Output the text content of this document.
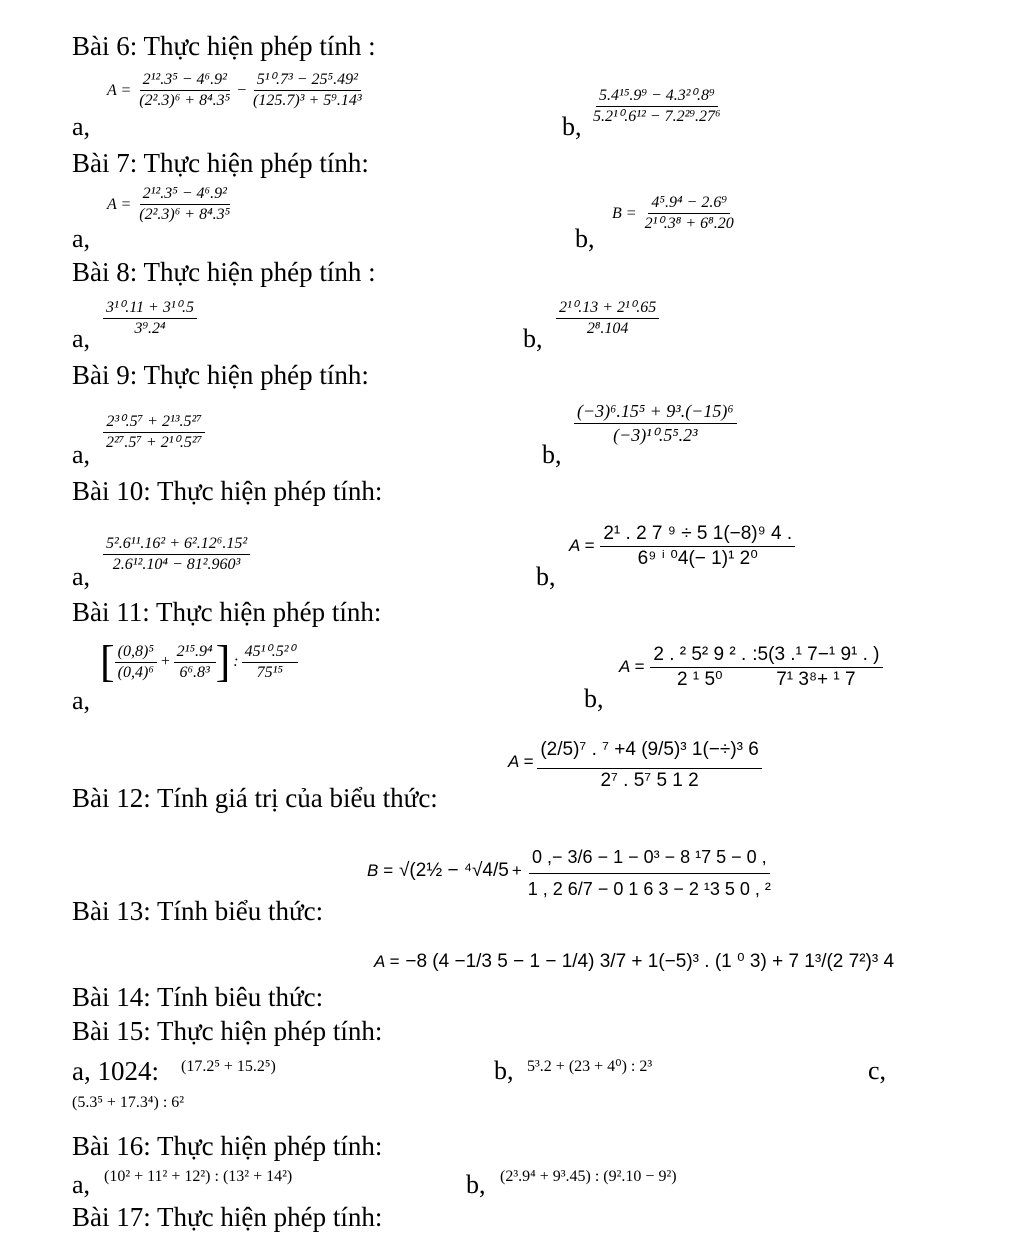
Bài 6: Thực hiện phép tính :
a,
$A = \frac{\text{2¹².3⁵ − 4⁶.9²}}{\text{(2².3)⁶ + 8⁴.3⁵}} - \frac{\text{5¹⁰.7³ − 25⁵.49²}}{\text{(125.7)³ + 5⁹.14³}}$
b, $\frac{\text{5.4¹⁵.9⁹ − 4.3²⁰.8⁹}}{\text{5.2¹⁰.6¹² − 7.2²⁹.27⁶}}$
Bài 7: Thực hiện phép tính:
a,
$A = \frac{\text{2¹².3⁵ − 4⁶.9²}}{\text{(2².3)⁶ + 8⁴.3⁵}}$
b,
$B = \frac{\text{4⁵.9⁴ − 2.6⁹}}{\text{2¹⁰.3⁸ + 6⁸.20}}$
Bài 8: Thực hiện phép tính :
a, $\frac{\text{3¹⁰.11 + 3¹⁰.5}}{\text{3⁹.2⁴}}$	b, $\frac{\text{2¹⁰.13 + 2¹⁰.65}}{\text{2⁸.104}}$
Bài 9: Thực hiện phép tính:
a,
$\frac{\text{2³⁰.5⁷ + 2¹³.5²⁷}}{\text{2²⁷.5⁷ + 2¹⁰.5²⁷}}$
b,
$\frac{\text{(−3)⁶.15⁵ + 9³.(−15)⁶}}{\text{(−3)¹⁰.5⁵.2³}}$
Bài 10: Thực hiện phép tính:
a,
$\frac{\text{5².6¹¹.16² + 6².12⁶.15²}}{\text{2.6¹².10⁴ − 81².960³}}$
b,
$A = \frac{\text{2¹ . 2 7 ⁹ ÷ 5 1(−8)⁹ 4 .}}{\text{6⁹ ⁱ ⁰4(− 1)¹ 2⁰}}$
Bài 11: Thực hiện phép tính:
a,
[ $\frac{\text{(0,8)⁵}}{\text{(0,4)⁶}} + \frac{\text{2¹⁵.9⁴}}{\text{6⁶.8³}}$ ] : $\frac{\text{45¹⁰.5²⁰}}{\text{75¹⁵}}$
b,
$A = \frac{\text{2 . ² 5² 9 ² .}}{\text{2 ¹ 5⁰}} \frac{\text{:5(3 .¹ 7−¹ 9¹ . )}}{\text{7¹ 3⁸+ ¹ 7}}$
Bài 12: Tính giá trị của biểu thức:
$A = \frac{\text{(2/5)⁷ . ⁷ +4 (9/5)³ 1(−÷)³ 6}}{\text{2⁷ . 5⁷ 5 1 2}}$
Bài 13: Tính biểu thức:
B = √(2½ − $^4√4/5 + \frac{\text{0 ,− 3/6 − 1 − 0³ − 8 ¹7 5 − 0 ,}}{\text{1 , 2 6/7 − 0 1 6 3 − 2 ¹3 5 0 , ²}}$
Bài 14: Tính biêu thức:
A = −8 (4 −1/3 5 − 1 − 1/4) 3/7 + 1(−5)³ . (1 ⁰ 3) + 7 1³/(2 7²)³ 4
Bài 15: Thực hiện phép tính:
a, 1024: (17.2⁵ + 15.2⁵)	b, 5³.2 + (23 + 4⁰) : 2³	c,
(5.3⁵ + 17.3⁴) : 6²
Bài 16: Thực hiện phép tính:
a, (10² + 11² + 12²) : (13² + 14²)	b, (2³.9⁴ + 9³.45) : (9².10 − 9²)
Bài 17: Thực hiện phép tính:
